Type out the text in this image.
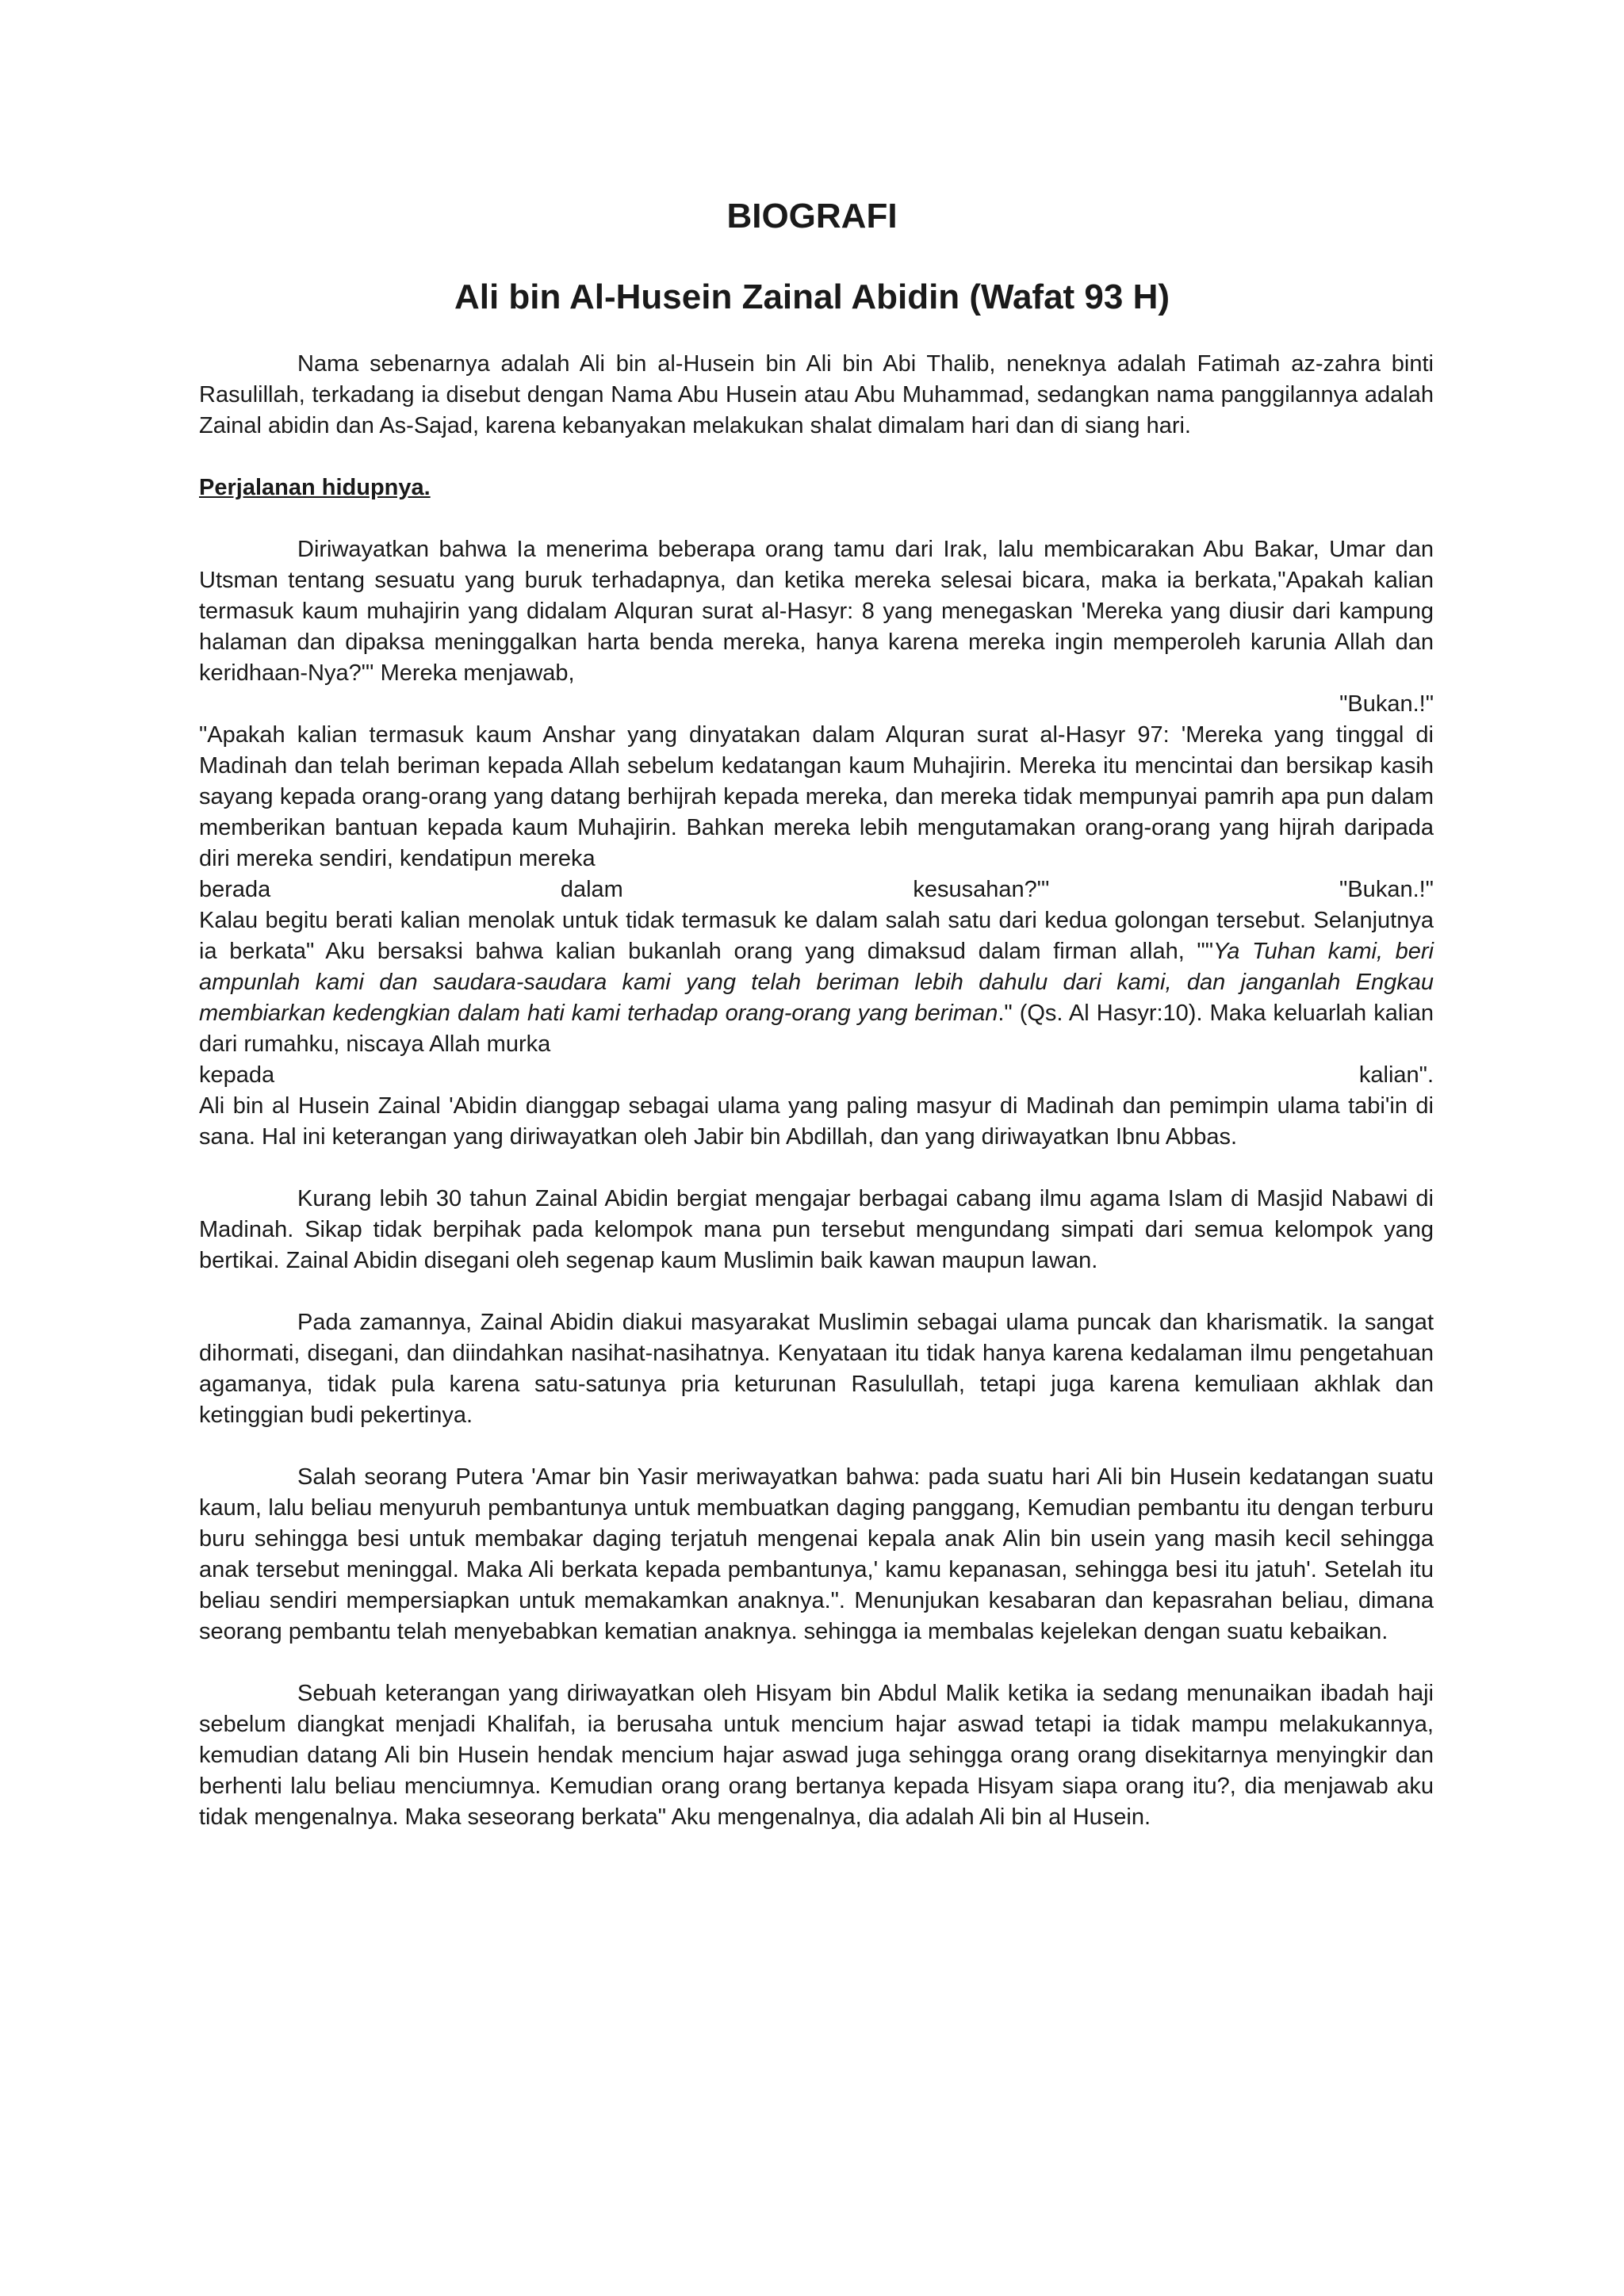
BIOGRAFI
Ali bin Al-Husein Zainal Abidin (Wafat 93 H)

Nama sebenarnya adalah Ali bin al-Husein bin Ali bin Abi Thalib, neneknya adalah Fatimah az-zahra binti Rasulillah, terkadang ia disebut dengan Nama Abu Husein atau Abu Muhammad, sedangkan nama panggilannya adalah Zainal abidin dan As-Sajad, karena kebanyakan melakukan shalat dimalam hari dan di siang hari.

Perjalanan hidupnya.

Diriwayatkan bahwa Ia menerima beberapa orang tamu dari Irak, lalu membicarakan Abu Bakar, Umar dan Utsman tentang sesuatu yang buruk terhadapnya, dan ketika mereka selesai bicara, maka ia berkata,"Apakah kalian termasuk kaum muhajirin yang didalam Alquran surat al-Hasyr: 8 yang menegaskan 'Mereka yang diusir dari kampung halaman dan dipaksa meninggalkan harta benda mereka, hanya karena mereka ingin memperoleh karunia Allah dan keridhaan-Nya?"' Mereka menjawab,

"Bukan.!"

"Apakah kalian termasuk kaum Anshar yang dinyatakan dalam Alquran surat al-Hasyr 97: 'Mereka yang tinggal di Madinah dan telah beriman kepada Allah sebelum kedatangan kaum Muhajirin. Mereka itu mencintai dan bersikap kasih sayang kepada orang-orang yang datang berhijrah kepada mereka, dan mereka tidak mempunyai pamrih apa pun dalam memberikan bantuan kepada kaum Muhajirin. Bahkan mereka lebih mengutamakan orang-orang yang hijrah daripada diri mereka sendiri, kendatipun mereka

berada	dalam	kesusahan?"'	"Bukan.!"

Kalau begitu berati kalian menolak untuk tidak termasuk ke dalam salah satu dari kedua golongan tersebut. Selanjutnya ia berkata" Aku bersaksi bahwa kalian bukanlah orang yang dimaksud dalam firman allah, ""Ya Tuhan kami, beri ampunlah kami dan saudara-saudara kami yang telah beriman lebih dahulu dari kami, dan janganlah Engkau membiarkan kedengkian dalam hati kami terhadap orang-orang yang beriman." (Qs. Al Hasyr:10). Maka keluarlah kalian dari rumahku, niscaya Allah murka

kepada	kalian".

Ali bin al Husein Zainal 'Abidin dianggap sebagai ulama yang paling masyur di Madinah dan pemimpin ulama tabi'in di sana. Hal ini keterangan yang diriwayatkan oleh Jabir bin Abdillah, dan yang diriwayatkan Ibnu Abbas.

Kurang lebih 30 tahun Zainal Abidin bergiat mengajar berbagai cabang ilmu agama Islam di Masjid Nabawi di Madinah. Sikap tidak berpihak pada kelompok mana pun tersebut mengundang simpati dari semua kelompok yang bertikai. Zainal Abidin disegani oleh segenap kaum Muslimin baik kawan maupun lawan.

Pada zamannya, Zainal Abidin diakui masyarakat Muslimin sebagai ulama puncak dan kharismatik. Ia sangat dihormati, disegani, dan diindahkan nasihat-nasihatnya. Kenyataan itu tidak hanya karena kedalaman ilmu pengetahuan agamanya, tidak pula karena satu-satunya pria keturunan Rasulullah, tetapi juga karena kemuliaan akhlak dan ketinggian budi pekertinya.

Salah seorang Putera 'Amar bin Yasir meriwayatkan bahwa: pada suatu hari Ali bin Husein kedatangan suatu kaum, lalu beliau menyuruh pembantunya untuk membuatkan daging panggang, Kemudian pembantu itu dengan terburu buru sehingga besi untuk membakar daging terjatuh mengenai kepala anak Alin bin usein yang masih kecil sehingga anak tersebut meninggal. Maka Ali berkata kepada pembantunya,' kamu kepanasan, sehingga besi itu jatuh'. Setelah itu beliau sendiri mempersiapkan untuk memakamkan anaknya.". Menunjukan kesabaran dan kepasrahan beliau, dimana seorang pembantu telah menyebabkan kematian anaknya. sehingga ia membalas kejelekan dengan suatu kebaikan.

Sebuah keterangan yang diriwayatkan oleh Hisyam bin Abdul Malik ketika ia sedang menunaikan ibadah haji sebelum diangkat menjadi Khalifah, ia berusaha untuk mencium hajar aswad tetapi ia tidak mampu melakukannya, kemudian datang Ali bin Husein hendak mencium hajar aswad juga sehingga orang orang disekitarnya menyingkir dan berhenti lalu beliau menciumnya. Kemudian orang orang bertanya kepada Hisyam siapa orang itu?, dia menjawab aku tidak mengenalnya. Maka seseorang berkata" Aku mengenalnya, dia adalah Ali bin al Husein.
